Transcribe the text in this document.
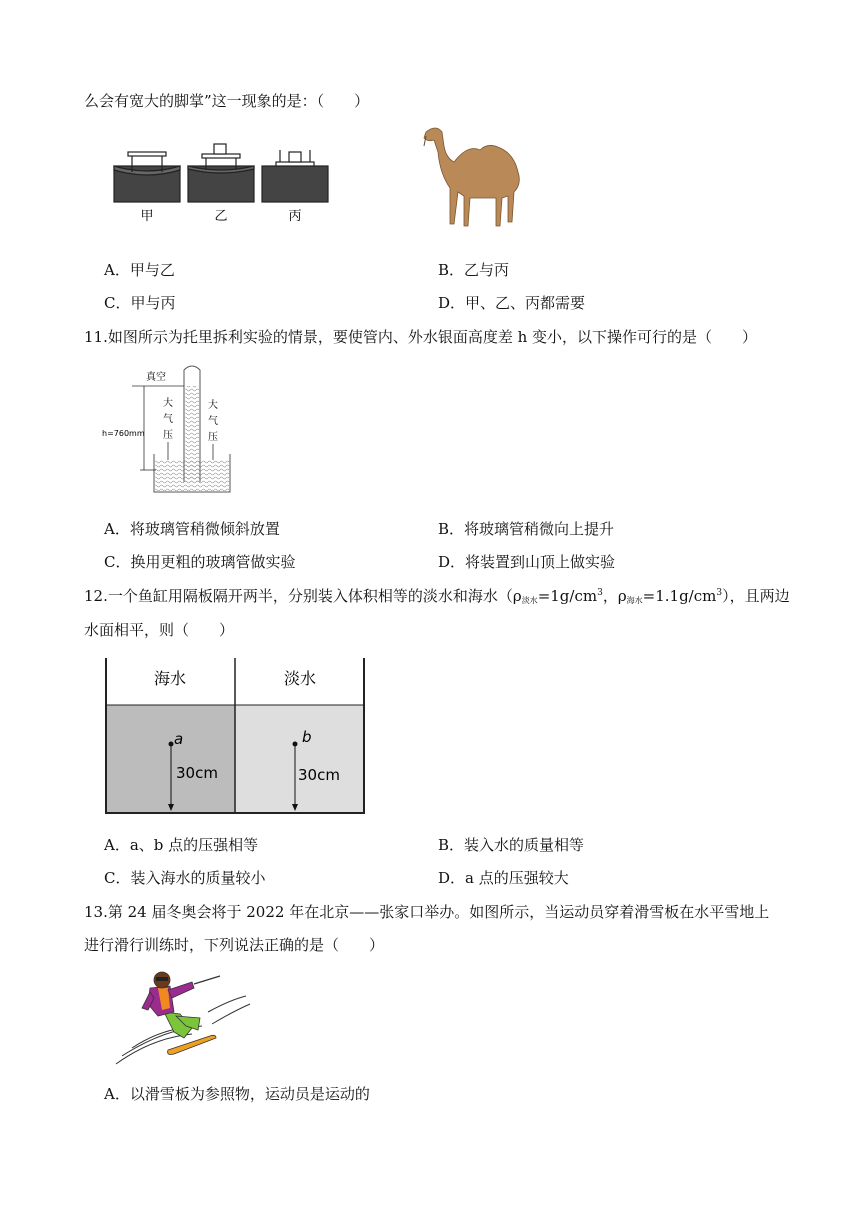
么会有宽大的脚掌”这一现象的是：（　　）
甲	乙	丙
A．甲与乙	B．乙与丙
C．甲与丙	D．甲、乙、丙都需要
11.如图所示为托里拆利实验的情景，要使管内、外水银面高度差 h 变小，以下操作可行的是（　　）
真空
h=760mm
大
气
压
大
气
压
A．将玻璃管稍微倾斜放置	B．将玻璃管稍微向上提升
C．换用更粗的玻璃管做实验	D．将装置到山顶上做实验
12.一个鱼缸用隔板隔开两半，分别装入体积相等的淡水和海水（$\rho_{淡水}=1g/cm^3$，$\rho_{海水}=1.1g/cm^3$），且两边
水面相平，则（　　）
海水	淡水
a
30cm
b
30cm
A．a、b 点的压强相等	B．装入水的质量相等
C．装入海水的质量较小	D．a 点的压强较大
13.第 24 届冬奥会将于 2022 年在北京——张家口举办。如图所示，当运动员穿着滑雪板在水平雪地上
进行滑行训练时，下列说法正确的是（　　）
A．以滑雪板为参照物，运动员是运动的
